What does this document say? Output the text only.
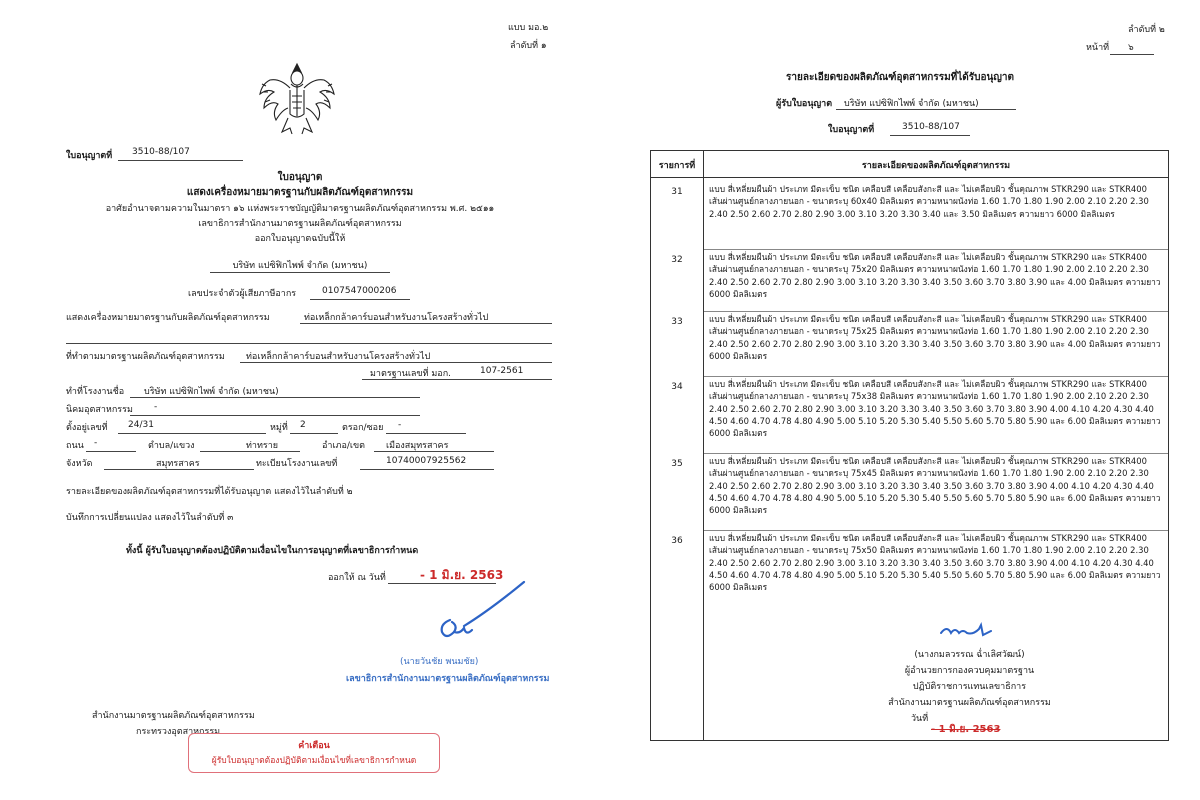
แบบ มอ.๒
ลำดับที่ ๑
ใบอนุญาตที่ 3510-88/107
ใบอนุญาต
แสดงเครื่องหมายมาตรฐานกับผลิตภัณฑ์อุตสาหกรรม
อาศัยอำนาจตามความในมาตรา ๑๖ แห่งพระราชบัญญัติมาตรฐานผลิตภัณฑ์อุตสาหกรรม พ.ศ. ๒๕๑๑
เลขาธิการสำนักงานมาตรฐานผลิตภัณฑ์อุตสาหกรรม
ออกใบอนุญาตฉบับนี้ให้
บริษัท แปซิฟิกไพพ์ จำกัด (มหาชน)
เลขประจำตัวผู้เสียภาษีอากร	0107547000206
แสดงเครื่องหมายมาตรฐานกับผลิตภัณฑ์อุตสาหกรรม	ท่อเหล็กกล้าคาร์บอนสำหรับงานโครงสร้างทั่วไป
ที่ทำตามมาตรฐานผลิตภัณฑ์อุตสาหกรรม ท่อเหล็กกล้าคาร์บอนสำหรับงานโครงสร้างทั่วไป
มาตรฐานเลขที่ มอก.	107-2561
ทำที่โรงงานชื่อ บริษัท แปซิฟิกไพพ์ จำกัด (มหาชน)
นิคมอุตสาหกรรม -
ตั้งอยู่เลขที่ 24/31	หมู่ที่ 2	ตรอก/ซอย -
ถนน -	ตำบล/แขวง	ท่าทราย	อำเภอ/เขต เมืองสมุทรสาคร
จังหวัด	สมุทรสาคร	ทะเบียนโรงงานเลขที่	10740007925562
รายละเอียดของผลิตภัณฑ์อุตสาหกรรมที่ได้รับอนุญาต แสดงไว้ในลำดับที่ ๒
บันทึกการเปลี่ยนแปลง แสดงไว้ในลำดับที่ ๓
ทั้งนี้ ผู้รับใบอนุญาตต้องปฏิบัติตามเงื่อนไขในการอนุญาตที่เลขาธิการกำหนด
ออกให้ ณ วันที่	- 1 มิ.ย. 2563
(นายวันชัย พนมชัย)
เลขาธิการสำนักงานมาตรฐานผลิตภัณฑ์อุตสาหกรรม
สำนักงานมาตรฐานผลิตภัณฑ์อุตสาหกรรม
กระทรวงอุตสาหกรรม
คำเตือน
ผู้รับใบอนุญาตต้องปฏิบัติตามเงื่อนไขที่เลขาธิการกำหนด
ลำดับที่ ๒
หน้าที่ ๖
รายละเอียดของผลิตภัณฑ์อุตสาหกรรมที่ได้รับอนุญาต
ผู้รับใบอนุญาต บริษัท แปซิฟิกไพพ์ จำกัด (มหาชน)
ใบอนุญาตที่	3510-88/107
รายการที่	รายละเอียดของผลิตภัณฑ์อุตสาหกรรม
31	แบบ สี่เหลี่ยมผืนผ้า ประเภท มีตะเข็บ ชนิด เคลือบสี เคลือบสังกะสี และ ไม่เคลือบผิว ชั้นคุณภาพ STKR290 และ STKR400 เส้นผ่านศูนย์กลางภายนอก - ขนาดระบุ 60x40 มิลลิเมตร ความหนาผนังท่อ 1.60 1.70 1.80 1.90 2.00 2.10 2.20 2.30 2.40 2.50 2.60 2.70 2.80 2.90 3.00 3.10 3.20 3.30 3.40 และ 3.50 มิลลิเมตร ความยาว 6000 มิลลิเมตร
32	แบบ สี่เหลี่ยมผืนผ้า ประเภท มีตะเข็บ ชนิด เคลือบสี เคลือบสังกะสี และ ไม่เคลือบผิว ชั้นคุณภาพ STKR290 และ STKR400 เส้นผ่านศูนย์กลางภายนอก - ขนาดระบุ 75x20 มิลลิเมตร ความหนาผนังท่อ 1.60 1.70 1.80 1.90 2.00 2.10 2.20 2.30 2.40 2.50 2.60 2.70 2.80 2.90 3.00 3.10 3.20 3.30 3.40 3.50 3.60 3.70 3.80 3.90 และ 4.00 มิลลิเมตร ความยาว 6000 มิลลิเมตร
33	แบบ สี่เหลี่ยมผืนผ้า ประเภท มีตะเข็บ ชนิด เคลือบสี เคลือบสังกะสี และ ไม่เคลือบผิว ชั้นคุณภาพ STKR290 และ STKR400 เส้นผ่านศูนย์กลางภายนอก - ขนาดระบุ 75x25 มิลลิเมตร ความหนาผนังท่อ 1.60 1.70 1.80 1.90 2.00 2.10 2.20 2.30 2.40 2.50 2.60 2.70 2.80 2.90 3.00 3.10 3.20 3.30 3.40 3.50 3.60 3.70 3.80 3.90 และ 4.00 มิลลิเมตร ความยาว 6000 มิลลิเมตร
34	แบบ สี่เหลี่ยมผืนผ้า ประเภท มีตะเข็บ ชนิด เคลือบสี เคลือบสังกะสี และ ไม่เคลือบผิว ชั้นคุณภาพ STKR290 และ STKR400 เส้นผ่านศูนย์กลางภายนอก - ขนาดระบุ 75x38 มิลลิเมตร ความหนาผนังท่อ 1.60 1.70 1.80 1.90 2.00 2.10 2.20 2.30 2.40 2.50 2.60 2.70 2.80 2.90 3.00 3.10 3.20 3.30 3.40 3.50 3.60 3.70 3.80 3.90 4.00 4.10 4.20 4.30 4.40 4.50 4.60 4.70 4.78 4.80 4.90 5.00 5.10 5.20 5.30 5.40 5.50 5.60 5.70 5.80 5.90 และ 6.00 มิลลิเมตร ความยาว 6000 มิลลิเมตร
35	แบบ สี่เหลี่ยมผืนผ้า ประเภท มีตะเข็บ ชนิด เคลือบสี เคลือบสังกะสี และ ไม่เคลือบผิว ชั้นคุณภาพ STKR290 และ STKR400 เส้นผ่านศูนย์กลางภายนอก - ขนาดระบุ 75x45 มิลลิเมตร ความหนาผนังท่อ 1.60 1.70 1.80 1.90 2.00 2.10 2.20 2.30 2.40 2.50 2.60 2.70 2.80 2.90 3.00 3.10 3.20 3.30 3.40 3.50 3.60 3.70 3.80 3.90 4.00 4.10 4.20 4.30 4.40 4.50 4.60 4.70 4.78 4.80 4.90 5.00 5.10 5.20 5.30 5.40 5.50 5.60 5.70 5.80 5.90 และ 6.00 มิลลิเมตร ความยาว 6000 มิลลิเมตร
36	แบบ สี่เหลี่ยมผืนผ้า ประเภท มีตะเข็บ ชนิด เคลือบสี เคลือบสังกะสี และ ไม่เคลือบผิว ชั้นคุณภาพ STKR290 และ STKR400 เส้นผ่านศูนย์กลางภายนอก - ขนาดระบุ 75x50 มิลลิเมตร ความหนาผนังท่อ 1.60 1.70 1.80 1.90 2.00 2.10 2.20 2.30 2.40 2.50 2.60 2.70 2.80 2.90 3.00 3.10 3.20 3.30 3.40 3.50 3.60 3.70 3.80 3.90 4.00 4.10 4.20 4.30 4.40 4.50 4.60 4.70 4.78 4.80 4.90 5.00 5.10 5.20 5.30 5.40 5.50 5.60 5.70 5.80 5.90 และ 6.00 มิลลิเมตร ความยาว 6000 มิลลิเมตร
(นางกมลวรรณ ฉ่ำเลิศวัฒน์)
ผู้อำนวยการกองควบคุมมาตรฐาน
ปฏิบัติราชการแทนเลขาธิการ
สำนักงานมาตรฐานผลิตภัณฑ์อุตสาหกรรม
วันที่
- 1 มิ.ย. 2563
